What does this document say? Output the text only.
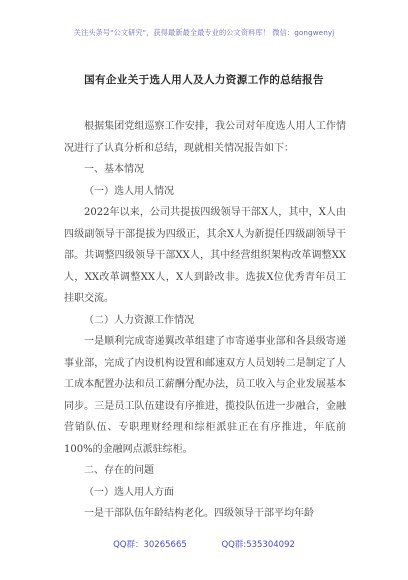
关注头条号"公文研究"，获得最新最全最专业的公文资料库！ 微信：gongwenyj
国有企业关于选人用人及人力资源工作的总结报告

根据集团党组巡察工作安排，我公司对年度选人用人工作情况进行了认真分析和总结，现就相关情况报告如下：

一、基本情况

（一）选人用人情况

2022年以来，公司共提拔四级领导干部X人，其中，X人由四级副领导干部提拔为四级正，其余X人为新提任四级副领导干部。共调整四级领导干部XX人，其中经营组织架构改革调整XX人，XX改革调整XX人，X人到龄改非。选拔X位优秀青年员工挂职交流。

（二）人力资源工作情况

一是顺利完成寄递翼改革组建了市寄递事业部和各县级寄递事业部，完成了内设机构设置和邮速双方人员划转二是制定了人工成本配置办法和员工薪酬分配办法，员工收入与企业发展基本同步。三是员工队伍建设有序推进，揽投队伍进一步融合，金融营销队伍、专职理财经理和综柜派驻正在有序推进，年底前100%的金融网点派驻综柜。

二、存在的问题

（一）选人用人方面

一是干部队伍年龄结构老化。四级领导干部平均年龄

QQ群：30265665	QQ群:535304092
